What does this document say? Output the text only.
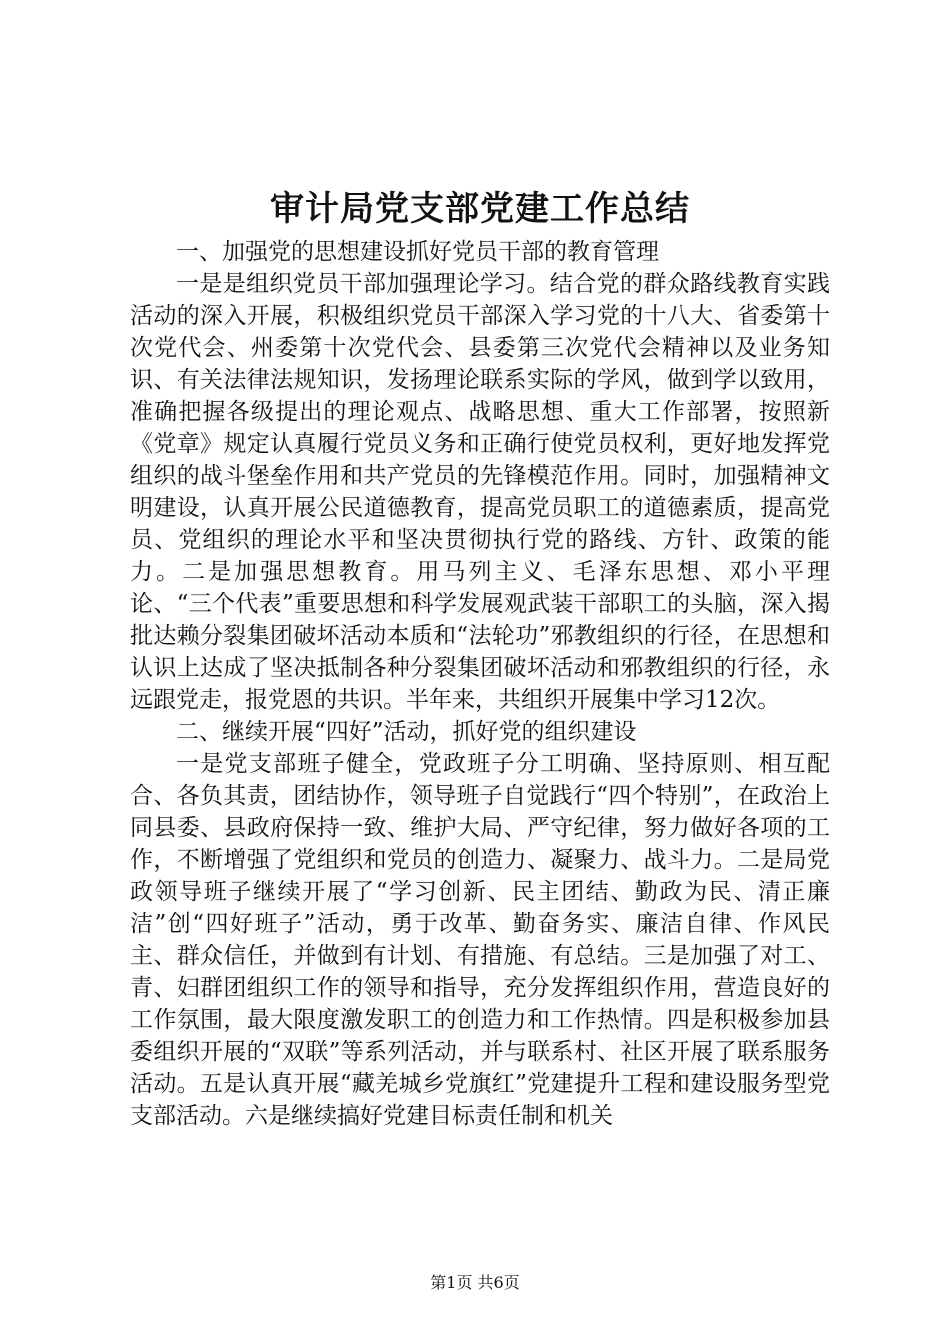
审计局党支部党建工作总结

一、加强党的思想建设抓好党员干部的教育管理

一是是组织党员干部加强理论学习。结合党的群众路线教育实践活动的深入开展，积极组织党员干部深入学习党的十八大、省委第十次党代会、州委第十次党代会、县委第三次党代会精神以及业务知识、有关法律法规知识，发扬理论联系实际的学风，做到学以致用，准确把握各级提出的理论观点、战略思想、重大工作部署，按照新《党章》规定认真履行党员义务和正确行使党员权利，更好地发挥党组织的战斗堡垒作用和共产党员的先锋模范作用。同时，加强精神文明建设，认真开展公民道德教育，提高党员职工的道德素质，提高党员、党组织的理论水平和坚决贯彻执行党的路线、方针、政策的能力。二是加强思想教育。用马列主义、毛泽东思想、邓小平理论、“三个代表”重要思想和科学发展观武装干部职工的头脑，深入揭批达赖分裂集团破坏活动本质和“法轮功”邪教组织的行径，在思想和认识上达成了坚决抵制各种分裂集团破坏活动和邪教组织的行径，永远跟党走，报党恩的共识。半年来，共组织开展集中学习12次。

二、继续开展“四好”活动，抓好党的组织建设

一是党支部班子健全，党政班子分工明确、坚持原则、相互配合、各负其责，团结协作，领导班子自觉践行“四个特别”，在政治上同县委、县政府保持一致、维护大局、严守纪律，努力做好各项的工作，不断增强了党组织和党员的创造力、凝聚力、战斗力。二是局党政领导班子继续开展了“学习创新、民主团结、勤政为民、清正廉洁”创“四好班子”活动，勇于改革、勤奋务实、廉洁自律、作风民主、群众信任，并做到有计划、有措施、有总结。三是加强了对工、青、妇群团组织工作的领导和指导，充分发挥组织作用，营造良好的工作氛围，最大限度激发职工的创造力和工作热情。四是积极参加县委组织开展的“双联”等系列活动，并与联系村、社区开展了联系服务活动。五是认真开展“藏羌城乡党旗红”党建提升工程和建设服务型党支部活动。六是继续搞好党建目标责任制和机关

第1页 共6页
